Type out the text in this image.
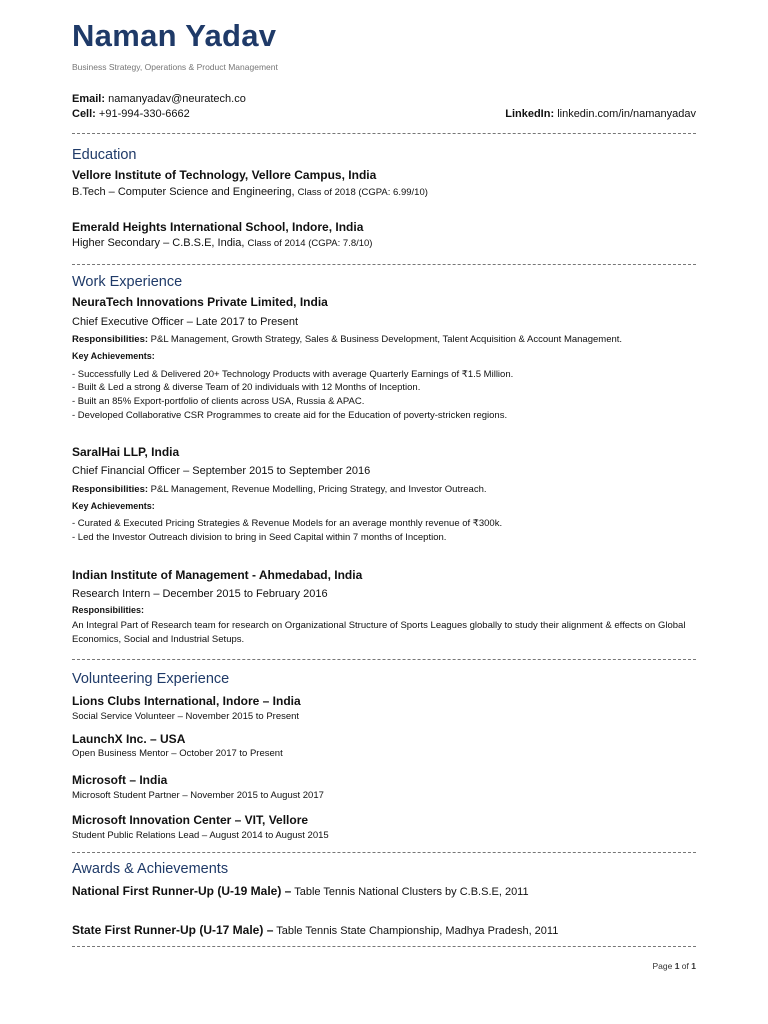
Naman Yadav
Business Strategy, Operations & Product Management
Email: namanyadav@neuratech.co
Cell: +91-994-330-6662	LinkedIn: linkedin.com/in/namanyadav
Education
Vellore Institute of Technology, Vellore Campus, India
B.Tech – Computer Science and Engineering, Class of 2018 (CGPA: 6.99/10)
Emerald Heights International School, Indore, India
Higher Secondary – C.B.S.E, India, Class of 2014 (CGPA: 7.8/10)
Work Experience
NeuraTech Innovations Private Limited, India
Chief Executive Officer – Late 2017 to Present
Responsibilities: P&L Management, Growth Strategy, Sales & Business Development, Talent Acquisition & Account Management.
Key Achievements:
- Successfully Led & Delivered 20+ Technology Products with average Quarterly Earnings of ₹1.5 Million.
- Built & Led a strong & diverse Team of 20 individuals with 12 Months of Inception.
- Built an 85% Export-portfolio of clients across USA, Russia & APAC.
- Developed Collaborative CSR Programmes to create aid for the Education of poverty-stricken regions.
SaralHai LLP, India
Chief Financial Officer – September 2015 to September 2016
Responsibilities: P&L Management, Revenue Modelling, Pricing Strategy, and Investor Outreach.
Key Achievements:
- Curated & Executed Pricing Strategies & Revenue Models for an average monthly revenue of ₹300k.
- Led the Investor Outreach division to bring in Seed Capital within 7 months of Inception.
Indian Institute of Management - Ahmedabad, India
Research Intern – December 2015 to February 2016
Responsibilities:
An Integral Part of Research team for research on Organizational Structure of Sports Leagues globally to study their alignment & effects on Global Economics, Social and Industrial Setups.
Volunteering Experience
Lions Clubs International, Indore – India
Social Service Volunteer – November 2015 to Present
LaunchX Inc. – USA
Open Business Mentor – October 2017 to Present
Microsoft – India
Microsoft Student Partner – November 2015 to August 2017
Microsoft Innovation Center – VIT, Vellore
Student Public Relations Lead – August 2014 to August 2015
Awards & Achievements
National First Runner-Up (U-19 Male) – Table Tennis National Clusters by C.B.S.E, 2011
State First Runner-Up (U-17 Male) – Table Tennis State Championship, Madhya Pradesh, 2011
Page 1 of 1
